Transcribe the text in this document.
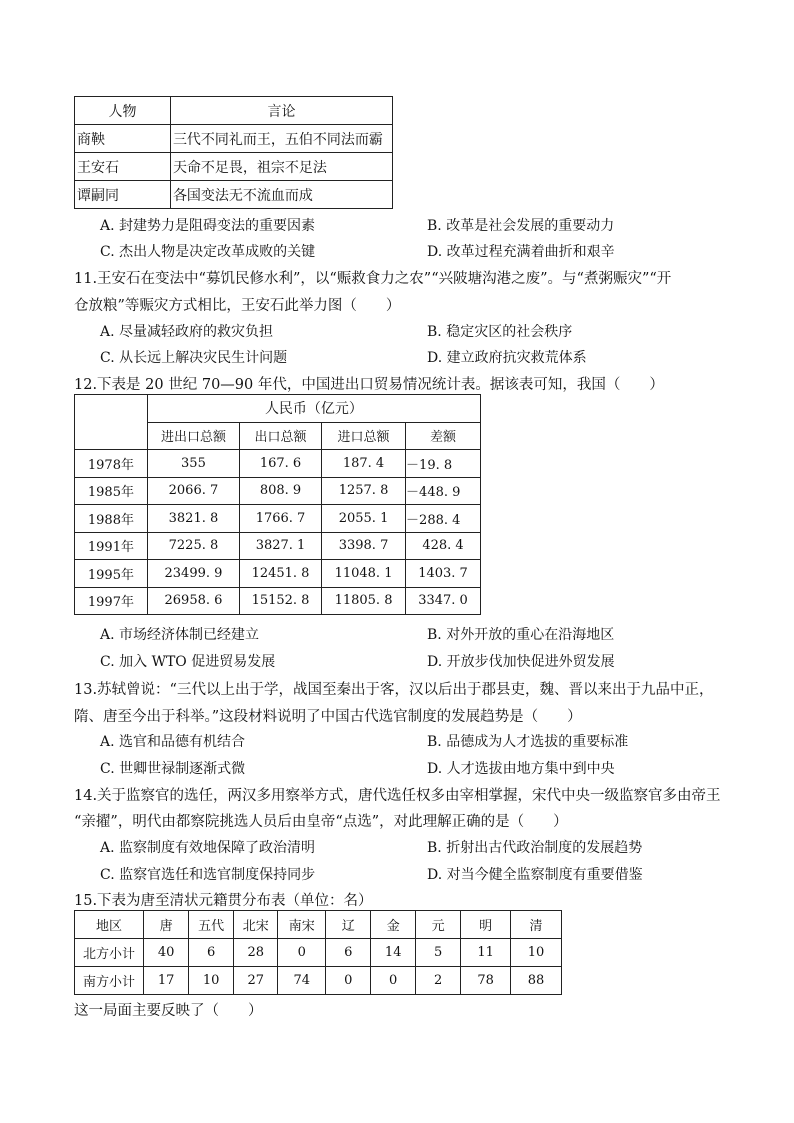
人物	言论
商鞅	三代不同礼而王，五伯不同法而霸
王安石	天命不足畏，祖宗不足法
谭嗣同	各国变法无不流血而成
A. 封建势力是阻碍变法的重要因素	B. 改革是社会发展的重要动力
C. 杰出人物是决定改革成败的关键	D. 改革过程充满着曲折和艰辛
11.王安石在变法中“募饥民修水利”，以“赈救食力之农”“兴陂塘沟港之废”。与“煮粥赈灾”“开
仓放粮”等赈灾方式相比，王安石此举力图（　　）
A. 尽量减轻政府的救灾负担	B. 稳定灾区的社会秩序
C. 从长远上解决灾民生计问题	D. 建立政府抗灾救荒体系
12.下表是 20 世纪 70—90 年代，中国进出口贸易情况统计表。据该表可知，我国（　　）
	人民币（亿元）			
	进出口总额	出口总额	进口总额	差额
1978年	355	167. 6	187. 4	－19. 8
1985年	2066. 7	808. 9	1257. 8	－448. 9
1988年	3821. 8	1766. 7	2055. 1	－288. 4
1991年	7225. 8	3827. 1	3398. 7	428. 4
1995年	23499. 9	12451. 8	11048. 1	1403. 7
1997年	26958. 6	15152. 8	11805. 8	3347. 0
A. 市场经济体制已经建立	B. 对外开放的重心在沿海地区
C. 加入 WTO 促进贸易发展	D. 开放步伐加快促进外贸发展
13.苏轼曾说：“三代以上出于学，战国至秦出于客，汉以后出于郡县吏，魏、晋以来出于九品中正，
隋、唐至今出于科举。”这段材料说明了中国古代选官制度的发展趋势是（　　）
A. 选官和品德有机结合	B. 品德成为人才选拔的重要标准
C. 世卿世禄制逐渐式微	D. 人才选拔由地方集中到中央
14.关于监察官的选任，两汉多用察举方式，唐代选任权多由宰相掌握，宋代中央一级监察官多由帝王
“亲擢”，明代由都察院挑选人员后由皇帝“点选”，对此理解正确的是（　　）
A. 监察制度有效地保障了政治清明	B. 折射出古代政治制度的发展趋势
C. 监察官选任和选官制度保持同步	D. 对当今健全监察制度有重要借鉴
15.下表为唐至清状元籍贯分布表（单位：名）
地区	唐	五代	北宋	南宋	辽	金	元	明	清
北方小计	40	6	28	0	6	14	5	11	10
南方小计	17	10	27	74	0	0	2	78	88
这一局面主要反映了（　　）
